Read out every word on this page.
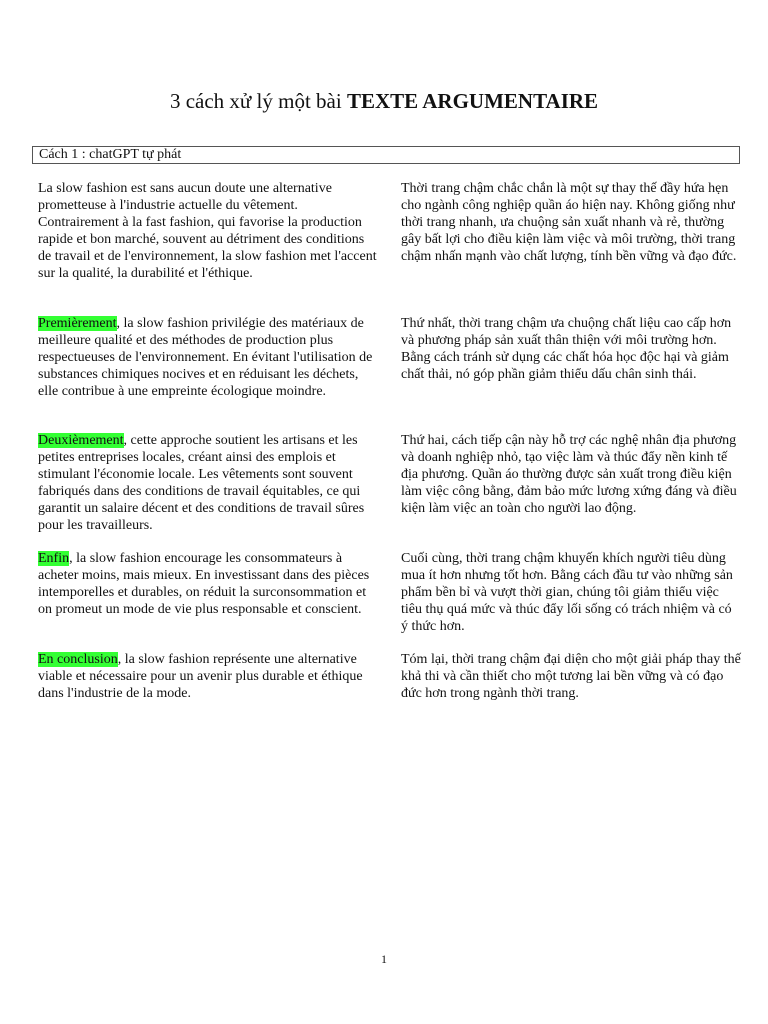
3 cách xử lý một bài TEXTE ARGUMENTAIRE
Cách 1 : chatGPT tự phát

La slow fashion est sans aucun doute une alternative prometteuse à l'industrie actuelle du vêtement. Contrairement à la fast fashion, qui favorise la production rapide et bon marché, souvent au détriment des conditions de travail et de l'environnement, la slow fashion met l'accent sur la qualité, la durabilité et l'éthique.

Premièrement, la slow fashion privilégie des matériaux de meilleure qualité et des méthodes de production plus respectueuses de l'environnement. En évitant l'utilisation de substances chimiques nocives et en réduisant les déchets, elle contribue à une empreinte écologique moindre.

Deuxièmement, cette approche soutient les artisans et les petites entreprises locales, créant ainsi des emplois et stimulant l'économie locale. Les vêtements sont souvent fabriqués dans des conditions de travail équitables, ce qui garantit un salaire décent et des conditions de travail sûres pour les travailleurs.

Enfin, la slow fashion encourage les consommateurs à acheter moins, mais mieux. En investissant dans des pièces intemporelles et durables, on réduit la surconsommation et on promeut un mode de vie plus responsable et conscient.

En conclusion, la slow fashion représente une alternative viable et nécessaire pour un avenir plus durable et éthique dans l'industrie de la mode.

Thời trang chậm chắc chắn là một sự thay thế đầy hứa hẹn cho ngành công nghiệp quần áo hiện nay. Không giống như thời trang nhanh, ưa chuộng sản xuất nhanh và rẻ, thường gây bất lợi cho điều kiện làm việc và môi trường, thời trang chậm nhấn mạnh vào chất lượng, tính bền vững và đạo đức.

Thứ nhất, thời trang chậm ưa chuộng chất liệu cao cấp hơn và phương pháp sản xuất thân thiện với môi trường hơn. Bằng cách tránh sử dụng các chất hóa học độc hại và giảm chất thải, nó góp phần giảm thiểu dấu chân sinh thái.

Thứ hai, cách tiếp cận này hỗ trợ các nghệ nhân địa phương và doanh nghiệp nhỏ, tạo việc làm và thúc đẩy nền kinh tế địa phương. Quần áo thường được sản xuất trong điều kiện làm việc công bằng, đảm bảo mức lương xứng đáng và điều kiện làm việc an toàn cho người lao động.

Cuối cùng, thời trang chậm khuyến khích người tiêu dùng mua ít hơn nhưng tốt hơn. Bằng cách đầu tư vào những sản phẩm bền bỉ và vượt thời gian, chúng tôi giảm thiểu việc tiêu thụ quá mức và thúc đẩy lối sống có trách nhiệm và có ý thức hơn.

Tóm lại, thời trang chậm đại diện cho một giải pháp thay thế khả thi và cần thiết cho một tương lai bền vững và có đạo đức hơn trong ngành thời trang.

1
